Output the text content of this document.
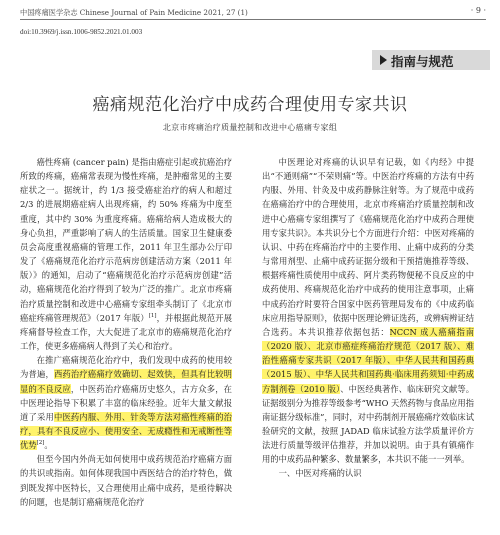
中国疼痛医学杂志 Chinese Journal of Pain Medicine 2021, 27 (1)	· 9 ·
doi:10.3969/j.issn.1006-9852.2021.01.003
指南与规范
癌痛规范化治疗中成药合理使用专家共识
北京市疼痛治疗质量控制和改进中心癌痛专家组

癌性疼痛 (cancer pain) 是指由癌症引起或抗癌治疗所致的疼痛，癌痛常表现为慢性疼痛，是肿瘤常见的主要症状之一。据统计，约 1/3 接受癌症治疗的病人和超过 2/3 的进展期癌症病人出现疼痛，约 50% 疼痛为中度至重度，其中约 30% 为重度疼痛。癌痛给病人造成极大的身心负担，严重影响了病人的生活质量。国家卫生健康委员会高度重视癌痛的管理工作，2011 年卫生部办公厅印发了《癌痛规范化治疗示范病房创建活动方案（2011 年版）》的通知，启动了“癌痛规范化治疗示范病房创建”活动，癌痛规范化治疗得到了较为广泛的推广。北京市疼痛治疗质量控制和改进中心癌痛专家组牵头制订了《北京市癌症疼痛管理规范》（2017 年版）[1]，并根据此规范开展疼痛督导检查工作，大大促进了北京市的癌痛规范化治疗工作，使更多癌痛病人得到了关心和治疗。

在推广癌痛规范化治疗中，我们发现中成药的使用较为普遍，西药治疗癌痛疗效确切、起效快，但具有比较明显的不良反应，中医药治疗癌痛历史悠久，古方众多，在中医理论指导下积累了丰富的临床经验。近年大量文献报道了采用中医药内服、外用、针灸等方法对癌性疼痛的治疗，具有不良反应小、使用安全、无成瘾性和无戒断性等优势[2]。

但至今国内外尚无如何使用中成药规范治疗癌痛方面的共识或指南。如何体现我国中西医结合的治疗特色，做到既发挥中医特长，又合理使用止痛中成药，是亟待解决的问题，也是制订癌痛规范化治疗

中医理论对疼痛的认识早有记载，如《内经》中提出“不通则痛”“不荣则痛”等。中医治疗疼痛的方法有中药内服、外用、针灸及中成药静脉注射等。为了规范中成药在癌痛治疗中的合理使用，北京市疼痛治疗质量控制和改进中心癌痛专家组撰写了《癌痛规范化治疗中成药合理使用专家共识》。本共识分七个方面进行介绍：中医对疼痛的认识、中药在疼痛治疗中的主要作用、止痛中成药的分类与常用剂型、止痛中成药证据分级和干预措施推荐等级、根据疼痛性质使用中成药、阿片类药物便秘不良反应的中成药使用、疼痛规范化治疗中成药的使用注意事项，止痛中成药治疗时要符合国家中医药管理局发布的《中成药临床应用指导原则》，依据中医理论辨证选药，或辨病辨证结合选药。本共识推荐依据包括：NCCN 成人癌痛指南（2020 版）、北京市癌症疼痛治疗规范（2017 版）、难治性癌痛专家共识（2017 年版）、中华人民共和国药典（2015 版）、中华人民共和国药典·临床用药须知·中药成方制剂卷（2010 版）、中医经典著作、临床研究文献等。证据级别分为推荐等级参考“WHO 天然药物与食品应用指南证据分级标准”，同时，对中药制剂开展癌痛疗效临床试验研究的文献，按照 JADAD 临床试验方法学质量评价方法进行质量等级评估推荐，并加以说明。由于具有镇痛作用的中成药品种繁多、数量繁多，本共识不能一一列举。

一、中医对疼痛的认识
